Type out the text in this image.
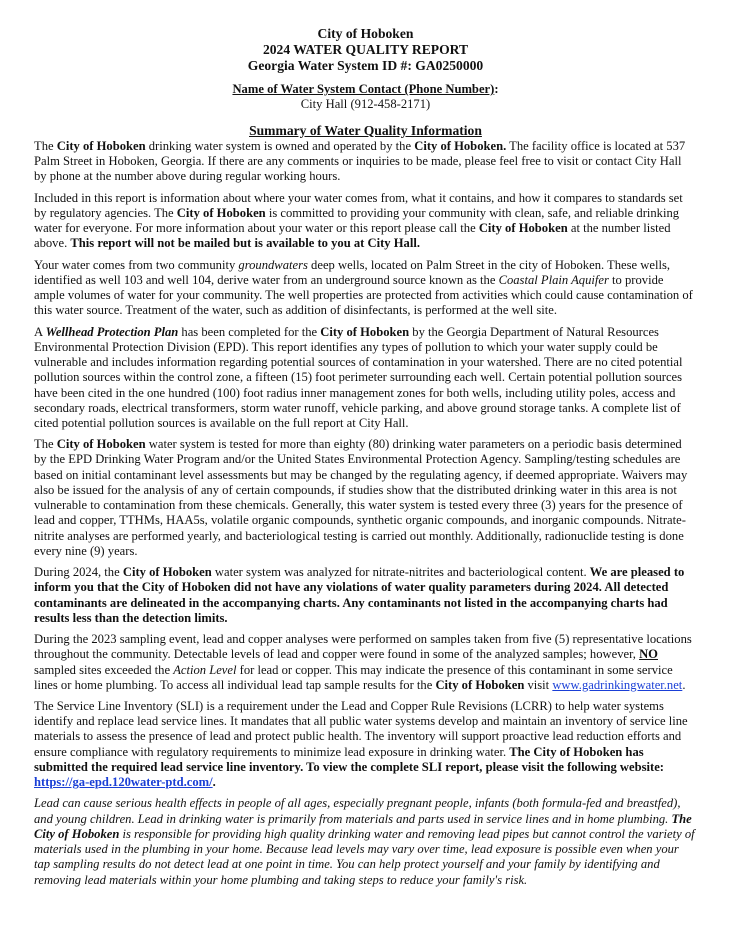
City of Hoboken
2024 WATER QUALITY REPORT
Georgia Water System ID #: GA0250000
Name of Water System Contact (Phone Number):
City Hall (912-458-2171)
Summary of Water Quality Information

The City of Hoboken drinking water system is owned and operated by the City of Hoboken. The facility office is located at 537 Palm Street in Hoboken, Georgia. If there are any comments or inquiries to be made, please feel free to visit or contact City Hall by phone at the number above during regular working hours.

Included in this report is information about where your water comes from, what it contains, and how it compares to standards set by regulatory agencies. The City of Hoboken is committed to providing your community with clean, safe, and reliable drinking water for everyone. For more information about your water or this report please call the City of Hoboken at the number listed above. This report will not be mailed but is available to you at City Hall.

Your water comes from two community groundwaters deep wells, located on Palm Street in the city of Hoboken. These wells, identified as well 103 and well 104, derive water from an underground source known as the Coastal Plain Aquifer to provide ample volumes of water for your community. The well properties are protected from activities which could cause contamination of this water source. Treatment of the water, such as addition of disinfectants, is performed at the well site.

A Wellhead Protection Plan has been completed for the City of Hoboken by the Georgia Department of Natural Resources Environmental Protection Division (EPD). This report identifies any types of pollution to which your water supply could be vulnerable and includes information regarding potential sources of contamination in your watershed. There are no cited potential pollution sources within the control zone, a fifteen (15) foot perimeter surrounding each well. Certain potential pollution sources have been cited in the one hundred (100) foot radius inner management zones for both wells, including utility poles, access and secondary roads, electrical transformers, storm water runoff, vehicle parking, and above ground storage tanks. A complete list of cited potential pollution sources is available on the full report at City Hall.

The City of Hoboken water system is tested for more than eighty (80) drinking water parameters on a periodic basis determined by the EPD Drinking Water Program and/or the United States Environmental Protection Agency. Sampling/testing schedules are based on initial contaminant level assessments but may be changed by the regulating agency, if deemed appropriate. Waivers may also be issued for the analysis of any of certain compounds, if studies show that the distributed drinking water in this area is not vulnerable to contamination from these chemicals. Generally, this water system is tested every three (3) years for the presence of lead and copper, TTHMs, HAA5s, volatile organic compounds, synthetic organic compounds, and inorganic compounds. Nitrate-nitrite analyses are performed yearly, and bacteriological testing is carried out monthly. Additionally, radionuclide testing is done every nine (9) years.

During 2024, the City of Hoboken water system was analyzed for nitrate-nitrites and bacteriological content. We are pleased to inform you that the City of Hoboken did not have any violations of water quality parameters during 2024. All detected contaminants are delineated in the accompanying charts. Any contaminants not listed in the accompanying charts had results less than the detection limits.

During the 2023 sampling event, lead and copper analyses were performed on samples taken from five (5) representative locations throughout the community. Detectable levels of lead and copper were found in some of the analyzed samples; however, NO sampled sites exceeded the Action Level for lead or copper. This may indicate the presence of this contaminant in some service lines or home plumbing. To access all individual lead tap sample results for the City of Hoboken visit www.gadrinkingwater.net.

The Service Line Inventory (SLI) is a requirement under the Lead and Copper Rule Revisions (LCRR) to help water systems identify and replace lead service lines. It mandates that all public water systems develop and maintain an inventory of service line materials to assess the presence of lead and protect public health. The inventory will support proactive lead reduction efforts and ensure compliance with regulatory requirements to minimize lead exposure in drinking water. The City of Hoboken has submitted the required lead service line inventory. To view the complete SLI report, please visit the following website: https://ga-epd.120water-ptd.com/.

Lead can cause serious health effects in people of all ages, especially pregnant people, infants (both formula-fed and breastfed), and young children. Lead in drinking water is primarily from materials and parts used in service lines and in home plumbing. The City of Hoboken is responsible for providing high quality drinking water and removing lead pipes but cannot control the variety of materials used in the plumbing in your home. Because lead levels may vary over time, lead exposure is possible even when your tap sampling results do not detect lead at one point in time. You can help protect yourself and your family by identifying and removing lead materials within your home plumbing and taking steps to reduce your family's risk.
